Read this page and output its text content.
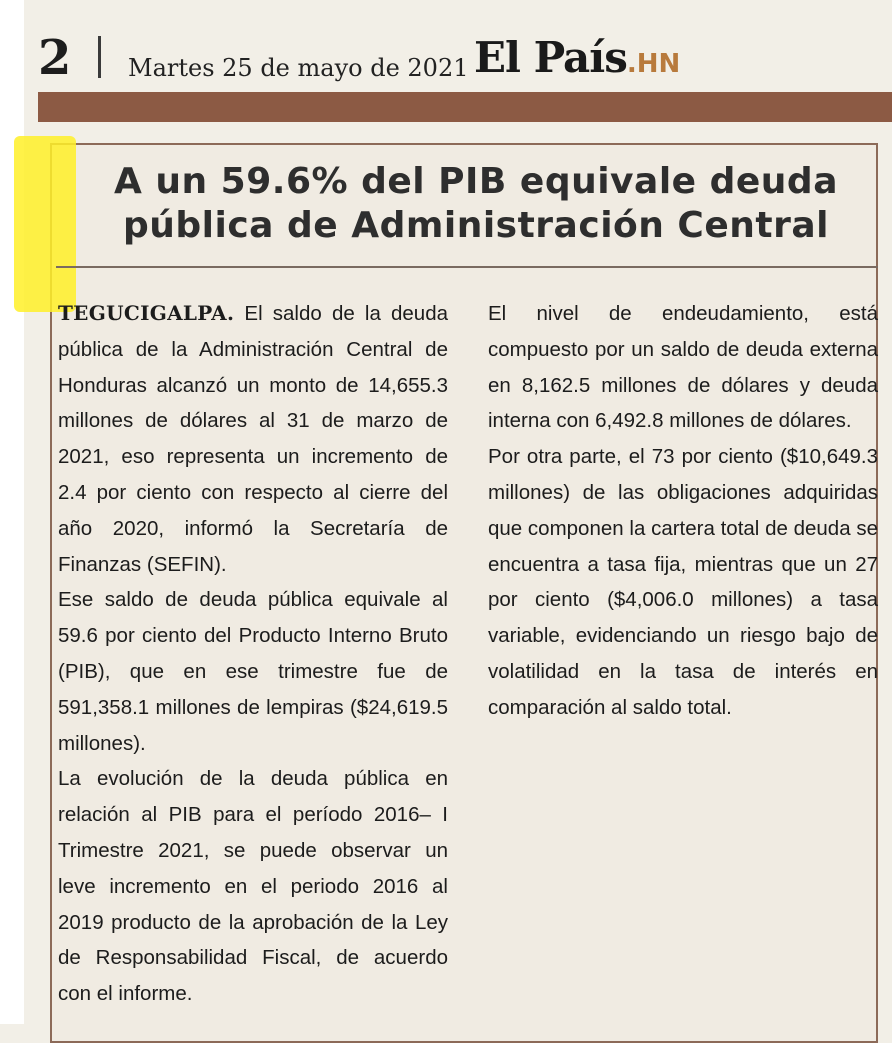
2 Martes 25 de mayo de 2021 El País.HN
A un 59.6% del PIB equivale deuda pública de Administración Central

TEGUCIGALPA. El saldo de la deuda pública de la Administración Central de Honduras alcanzó un monto de 14,655.3 millones de dólares al 31 de marzo de 2021, eso representa un incremento de 2.4 por ciento con respecto al cierre del año 2020, informó la Secretaría de Finanzas (SEFIN).

Ese saldo de deuda pública equivale al 59.6 por ciento del Producto Interno Bruto (PIB), que en ese trimestre fue de 591,358.1 millones de lempiras ($24,619.5 millones).

La evolución de la deuda pública en relación al PIB para el período 2016– I Trimestre 2021, se puede observar un leve incremento en el periodo 2016 al 2019 producto de la aprobación de la Ley de Responsabilidad Fiscal, de acuerdo con el informe.

El nivel de endeudamiento, está compuesto por un saldo de deuda externa en 8,162.5 millones de dólares y deuda interna con 6,492.8 millones de dólares.

Por otra parte, el 73 por ciento ($10,649.3 millones) de las obligaciones adquiridas que componen la cartera total de deuda se encuentra a tasa fija, mientras que un 27 por ciento ($4,006.0 millones) a tasa variable, evidenciando un riesgo bajo de volatilidad en la tasa de interés en comparación al saldo total.
